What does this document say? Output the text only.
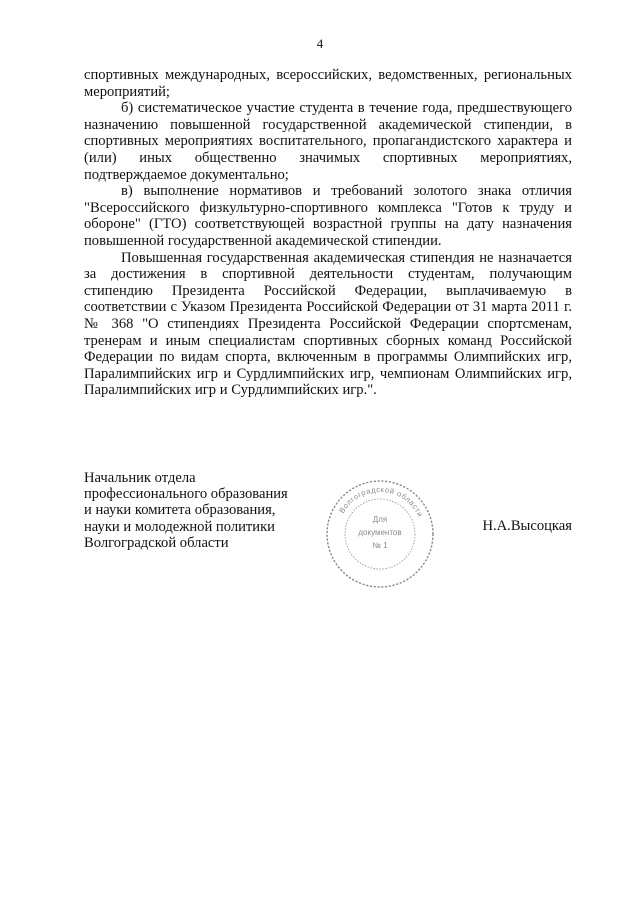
4

спортивных международных, всероссийских, ведомственных, региональных мероприятий;

б) систематическое участие студента в течение года, предшествующего назначению повышенной государственной академической стипендии, в спортивных мероприятиях воспитательного, пропагандистского характера и (или) иных общественно значимых спортивных мероприятиях, подтверждаемое документально;

в) выполнение нормативов и требований золотого знака отличия "Всероссийского физкультурно-спортивного комплекса "Готов к труду и обороне" (ГТО) соответствующей возрастной группы на дату назначения повышенной государственной академической стипендии.

Повышенная государственная академическая стипендия не назначается за достижения в спортивной деятельности студентам, получающим стипендию Президента Российской Федерации, выплачиваемую в соответствии с Указом Президента Российской Федерации от 31 марта 2011 г. № 368 "О стипендиях Президента Российской Федерации спортсменам, тренерам и иным специалистам спортивных сборных команд Российской Федерации по видам спорта, включенным в программы Олимпийских игр, Паралимпийских игр и Сурдлимпийских игр, чемпионам Олимпийских игр, Паралимпийских игр и Сурдлимпийских игр.".

Начальник отдела
профессионального образования
и науки комитета образования,
науки и молодежной политики
Волгоградской области
Волгоградской области
Для
документов
№ 1
Н.А.Высоцкая
